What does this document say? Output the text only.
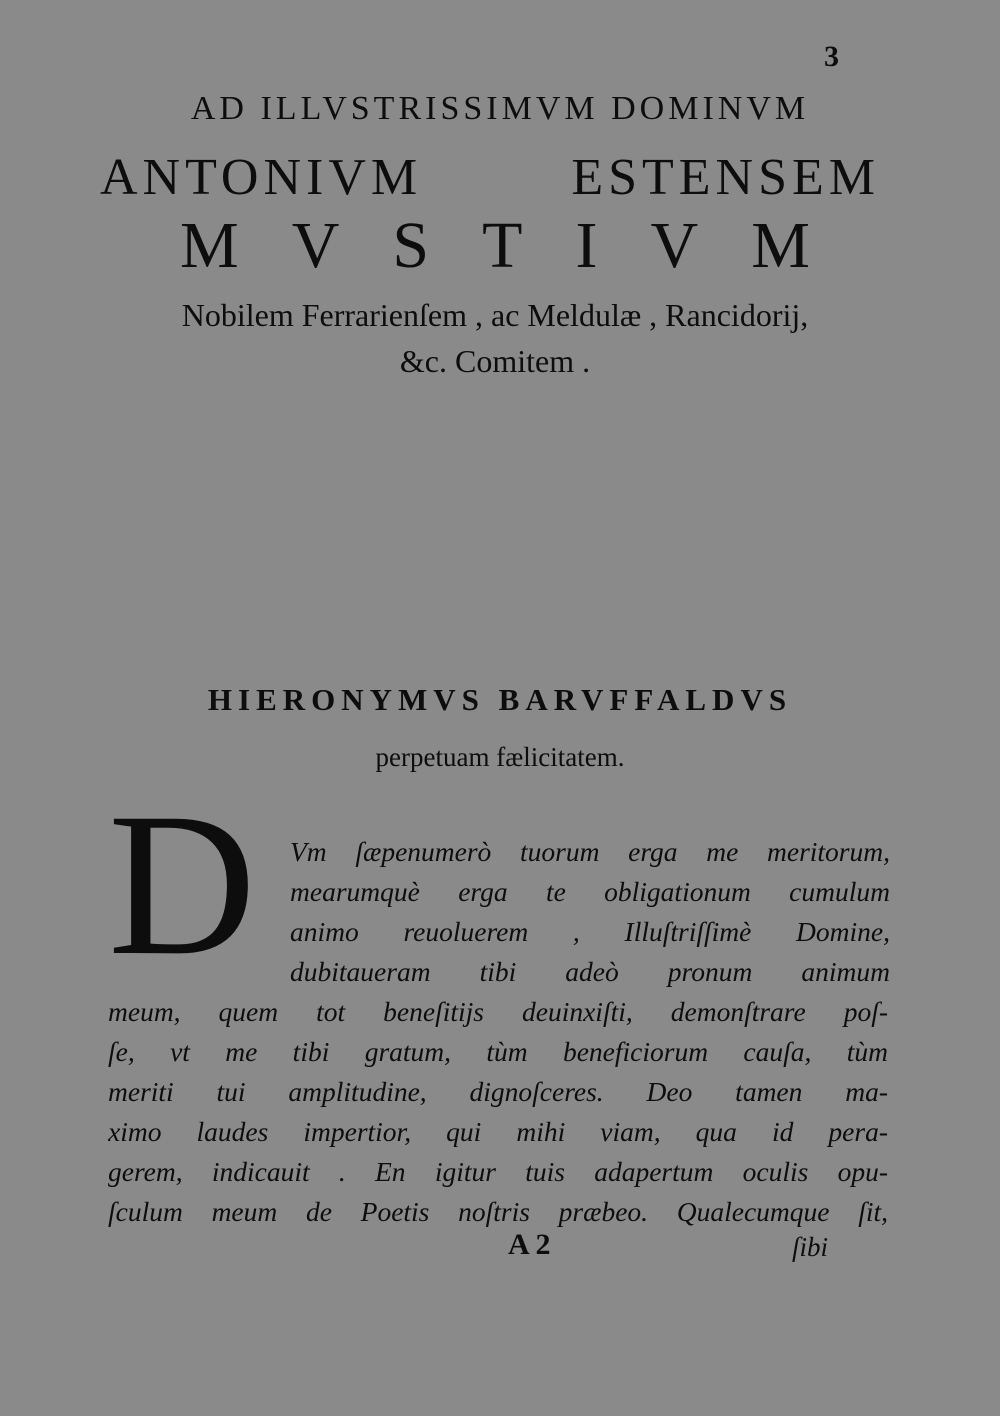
3
AD ILLVSTRISSIMVM DOMINVM
ANTONIVM	ESTENSEM
M V S T I V M
Nobilem Ferrarienſem , ac Meldulæ , Rancidorij,
&c. Comitem .
HIERONYMVS BARVFFALDVS
perpetuam fælicitatem.
D Vm ſæpenumerò tuorum erga me meritorum,
mearumquè erga te obligationum cumulum
animo reuoluerem , Illuſtriſſimè Domine,
dubitaueram tibi adeò pronum animum
meum, quem tot beneſitijs deuinxiſti, demonſtrare poſ-
ſe, vt me tibi gratum, tùm beneficiorum cauſa, tùm
meriti tui amplitudine, dignoſceres. Deo tamen ma-
ximo laudes impertior, qui mihi viam, qua id pera-
gerem, indicauit . En igitur tuis adapertum oculis opu-
ſculum meum de Poetis noſtris præbeo. Qualecumque ſit,
A 2	ſibi
